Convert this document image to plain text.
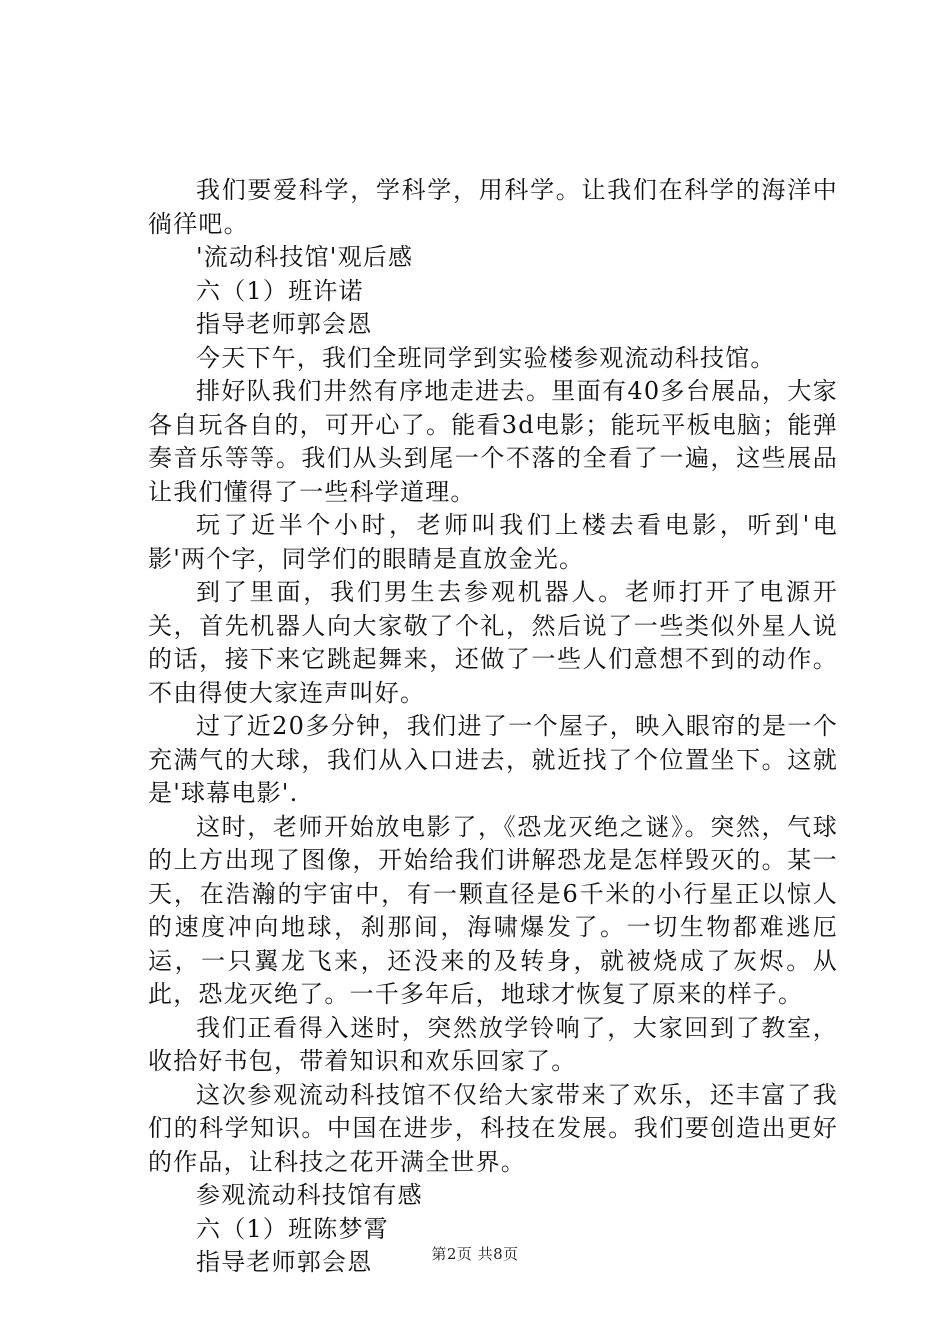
我们要爱科学，学科学，用科学。让我们在科学的海洋中徜徉吧。

'流动科技馆'观后感

六（1）班许诺

指导老师郭会恩

今天下午，我们全班同学到实验楼参观流动科技馆。

排好队我们井然有序地走进去。里面有40多台展品，大家各自玩各自的，可开心了。能看3d电影；能玩平板电脑；能弹奏音乐等等。我们从头到尾一个不落的全看了一遍，这些展品让我们懂得了一些科学道理。

玩了近半个小时，老师叫我们上楼去看电影，听到'电影'两个字，同学们的眼睛是直放金光。

到了里面，我们男生去参观机器人。老师打开了电源开关，首先机器人向大家敬了个礼，然后说了一些类似外星人说的话，接下来它跳起舞来，还做了一些人们意想不到的动作。不由得使大家连声叫好。

过了近20多分钟，我们进了一个屋子，映入眼帘的是一个充满气的大球，我们从入口进去，就近找了个位置坐下。这就是'球幕电影'.

这时，老师开始放电影了，《恐龙灭绝之谜》。突然，气球的上方出现了图像，开始给我们讲解恐龙是怎样毁灭的。某一天，在浩瀚的宇宙中，有一颗直径是6千米的小行星正以惊人的速度冲向地球，刹那间，海啸爆发了。一切生物都难逃厄运，一只翼龙飞来，还没来的及转身，就被烧成了灰烬。从此，恐龙灭绝了。一千多年后，地球才恢复了原来的样子。

我们正看得入迷时，突然放学铃响了，大家回到了教室，收拾好书包，带着知识和欢乐回家了。

这次参观流动科技馆不仅给大家带来了欢乐，还丰富了我们的科学知识。中国在进步，科技在发展。我们要创造出更好的作品，让科技之花开满全世界。

参观流动科技馆有感

六（1）班陈梦霄

指导老师郭会恩	第2页 共8页
